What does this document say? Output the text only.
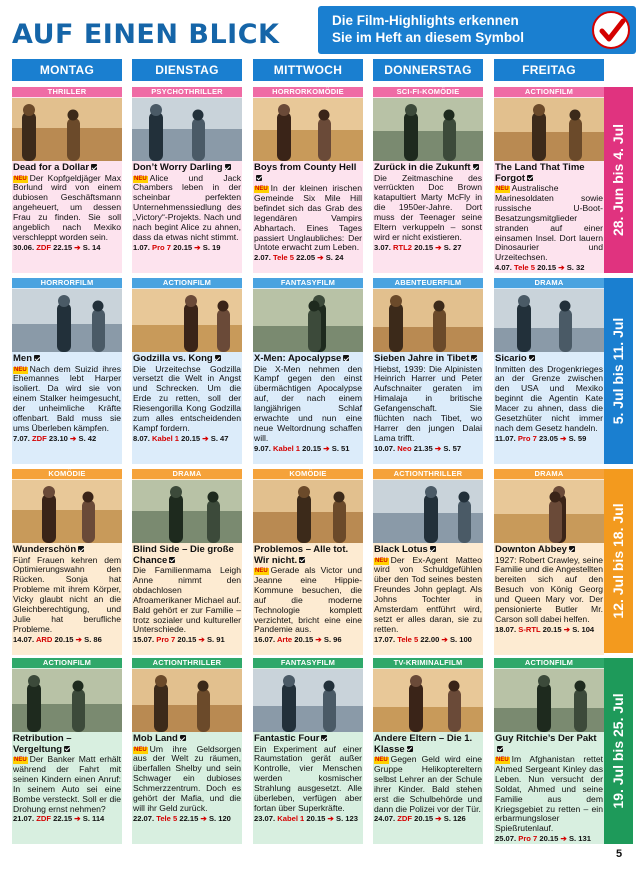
AUF EINEN BLICK	Die Film-Highlights erkennen
Sie im Heft an diesem Symbol
MONTAG	DIENSTAG	MITTWOCH	DONNERSTAG	FREITAG
28. Jun bis 4. Jul
5. Jul bis 11. Jul
12. Jul bis 18. Jul
19. Jul bis 25. Jul
THRILLER
Dead for a Dollar
NEU Der Kopfgeldjäger Max Borlund wird von einem dubiosen Geschäftsmann angeheuert, um dessen Frau zu finden. Sie soll angeblich nach Mexiko verschleppt worden sein.
30.06. ZDF 22.15 ➔ S. 14
PSYCHOTHRILLER
Don’t Worry Darling
NEU Alice und Jack Chambers leben in der scheinbar perfekten Unternehmenssiedlung des „Victory“-Projekts. Nach und nach begint Alice zu ahnen, dass da etwas nicht stimmt.
1.07. Pro 7 20.15 ➔ S. 19
HORRORKOMÖDIE
Boys from County Hell
NEU In der kleinen irischen Gemeinde Six Mile Hill befindet sich das Grab des legendären Vampirs Abhartach. Eines Tages passiert Unglaubliches: Der Untote erwacht zum Leben.
2.07. Tele 5 22.05 ➔ S. 24
SCI-FI-KOMÖDIE
Zurück in die Zukunft
Die Zeitmaschine des verrückten Doc Brown katapultiert Marty McFly in die 1950er-Jahre. Dort muss der Teenager seine Eltern verkuppeln – sonst wird er nicht existieren.
3.07. RTL2 20.15 ➔ S. 27
ACTIONFILM
The Land That Time Forgot
NEU Australische Marinesoldaten sowie russische U-Boot-Besatzungsmitglieder stranden auf einer einsamen Insel. Dort lauern Dinosaurier und Urzeitechsen.
4.07. Tele 5 20.15 ➔ S. 32
HORRORFILM
Men
NEU Nach dem Suizid ihres Ehemannes lebt Harper isoliert. Da wird sie von einem Stalker heimgesucht, der unheimliche Kräfte offenbart. Bald muss sie ums Überleben kämpfen.
7.07. ZDF 23.10 ➔ S. 42
ACTIONFILM
Godzilla vs. Kong
Die Urzeitechse Godzilla versetzt die Welt in Angst und Schrecken. Um die Erde zu retten, soll der Riesengorilla Kong Godzilla zum alles entscheidenden Kampf fordern.
8.07. Kabel 1 20.15 ➔ S. 47
FANTASYFILM
X-Men: Apocalypse
Die X-Men nehmen den Kampf gegen den einst übermächtigen Apocalypse auf, der nach einem langjährigen Schlaf erwachte und nun eine neue Weltordnung schaffen will.
9.07. Kabel 1 20.15 ➔ S. 51
ABENTEUERFILM
Sieben Jahre in Tibet
Hiebst, 1939: Die Alpinisten Heinrich Harrer und Peter Aufschnaiter geraten im Himalaja in britische Gefangenschaft. Sie flüchten nach Tibet, wo Harrer den jungen Dalai Lama trifft.
10.07. Neo 21.35 ➔ S. 57
DRAMA
Sicario
Inmitten des Drogenkrieges an der Grenze zwischen den USA und Mexiko beginnt die Agentin Kate Macer zu ahnen, dass die Gesetzhüter nicht immer nach dem Gesetz handeln.
11.07. Pro 7 23.05 ➔ S. 59
KOMÖDIE
Wunderschön
Fünf Frauen kehren dem Optimierungswahn den Rücken. Sonja hat Probleme mit ihrem Körper, Vicky glaubt nicht an die Gleichberechtigung, und Julie hat berufliche Probleme.
14.07. ARD 20.15 ➔ S. 86
DRAMA
Blind Side – Die große Chance
Die Familienmama Leigh Anne nimmt den obdachlosen Afroamerikaner Michael auf. Bald gehört er zur Familie – trotz sozialer und kultureller Unterschiede.
15.07. Pro 7 20.15 ➔ S. 91
KOMÖDIE
Problemos – Alle tot. Wir nicht.
NEU Gerade als Victor und Jeanne eine Hippie-Kommune besuchen, die auf die moderne Technologie komplett verzichtet, bricht eine eine Pandemie aus.
16.07. Arte 20.15 ➔ S. 96
ACTIONTHRILLER
Black Lotus
NEU Der Ex-Agent Matteo wird von Schuldgefühlen über den Tod seines besten Freundes John geplagt. Als Johns Tochter in Amsterdam entführt wird, setzt er alles daran, sie zu retten.
17.07. Tele 5 22.00 ➔ S. 100
DRAMA
Downton Abbey
1927: Robert Crawley, seine Familie und die Angestellten bereiten sich auf den Besuch von König Georg und Queen Mary vor. Der pensionierte Butler Mr. Carson soll dabei helfen.
18.07. S-RTL 20.15 ➔ S. 104
ACTIONFILM
Retribution – Vergeltung
NEU Der Banker Matt erhält während der Fahrt mit seinen Kindern einen Anruf: In seinem Auto sei eine Bombe versteckt. Soll er die Drohung ernst nehmen?
21.07. ZDF 22.15 ➔ S. 114
ACTIONTHRILLER
Mob Land
NEU Um ihre Geldsorgen aus der Welt zu räumen, überfallen Shelby und sein Schwager ein dubioses Schmerzzentrum. Doch es gehört der Mafia, und die will ihr Geld zurück.
22.07. Tele 5 22.15 ➔ S. 120
FANTASYFILM
Fantastic Four
Ein Experiment auf einer Raumstation gerät außer Kontrolle, vier Menschen werden kosmischer Strahlung ausgesetzt. Alle überleben, verfügen aber fortan über Superkräfte.
23.07. Kabel 1 20.15 ➔ S. 123
TV-KRIMINALFILM
Andere Eltern – Die 1. Klasse
NEU Gegen Geld wird eine Gruppe Helikoptereltern selbst Lehrer an der Schule ihrer Kinder. Bald stehen erst die Schulbehörde und dann die Polizei vor der Tür.
24.07. ZDF 20.15 ➔ S. 126
ACTIONFILM
Guy Ritchie’s Der Pakt
NEU Im Afghanistan rettet Ahmed Sergeant Kinley das Leben. Nun versucht der Soldat, Ahmed und seine Familie aus dem Kriegsgebiet zu retten – ein erbarmungsloser Spießrutenlauf.
25.07. Pro 7 20.15 ➔ S. 131
5
